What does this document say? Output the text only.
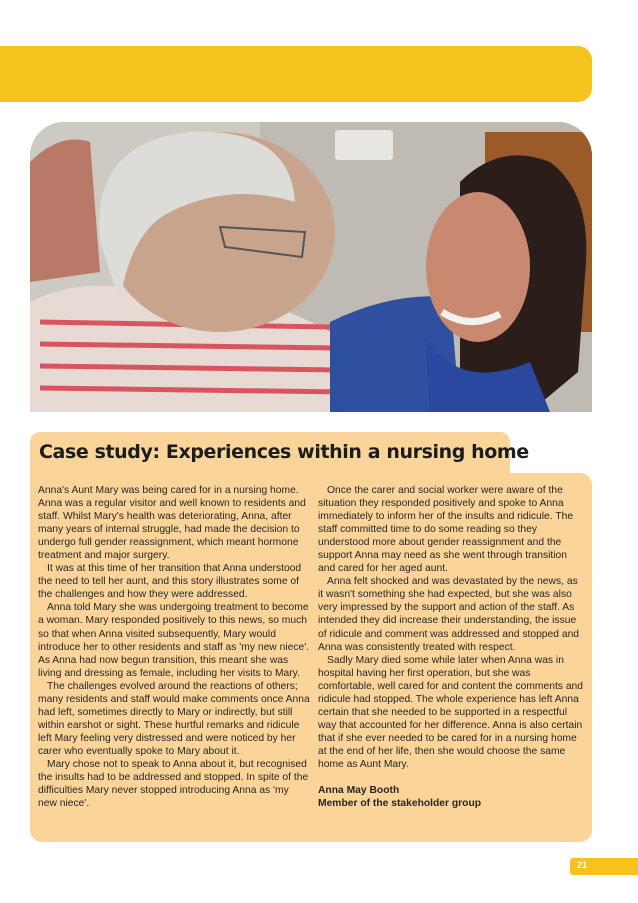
Case study: Experiences within a nursing home

Anna's Aunt Mary was being cared for in a nursing home. Anna was a regular visitor and well known to residents and staff. Whilst Mary's health was deteriorating, Anna, after many years of internal struggle, had made the decision to undergo full gender reassignment, which meant hormone treatment and major surgery.

It was at this time of her transition that Anna understood the need to tell her aunt, and this story illustrates some of the challenges and how they were addressed.

Anna told Mary she was undergoing treatment to become a woman. Mary responded positively to this news, so much so that when Anna visited subsequently, Mary would introduce her to other residents and staff as 'my new niece'. As Anna had now begun transition, this meant she was living and dressing as female, including her visits to Mary.

The challenges evolved around the reactions of others; many residents and staff would make comments once Anna had left, sometimes directly to Mary or indirectly, but still within earshot or sight. These hurtful remarks and ridicule left Mary feeling very distressed and were noticed by her carer who eventually spoke to Mary about it.

Mary chose not to speak to Anna about it, but recognised the insults had to be addressed and stopped. In spite of the difficulties Mary never stopped introducing Anna as 'my new niece'.

Once the carer and social worker were aware of the situation they responded positively and spoke to Anna immediately to inform her of the insults and ridicule. The staff committed time to do some reading so they understood more about gender reassignment and the support Anna may need as she went through transition and cared for her aged aunt.

Anna felt shocked and was devastated by the news, as it wasn't something she had expected, but she was also very impressed by the support and action of the staff. As intended they did increase their understanding, the issue of ridicule and comment was addressed and stopped and Anna was consistently treated with respect.

Sadly Mary died some while later when Anna was in hospital having her first operation, but she was comfortable, well cared for and content the comments and ridicule had stopped. The whole experience has left Anna certain that she needed to be supported in a respectful way that accounted for her difference. Anna is also certain that if she ever needed to be cared for in a nursing home at the end of her life, then she would choose the same home as Aunt Mary.

Anna May Booth
Member of the stakeholder group

21
